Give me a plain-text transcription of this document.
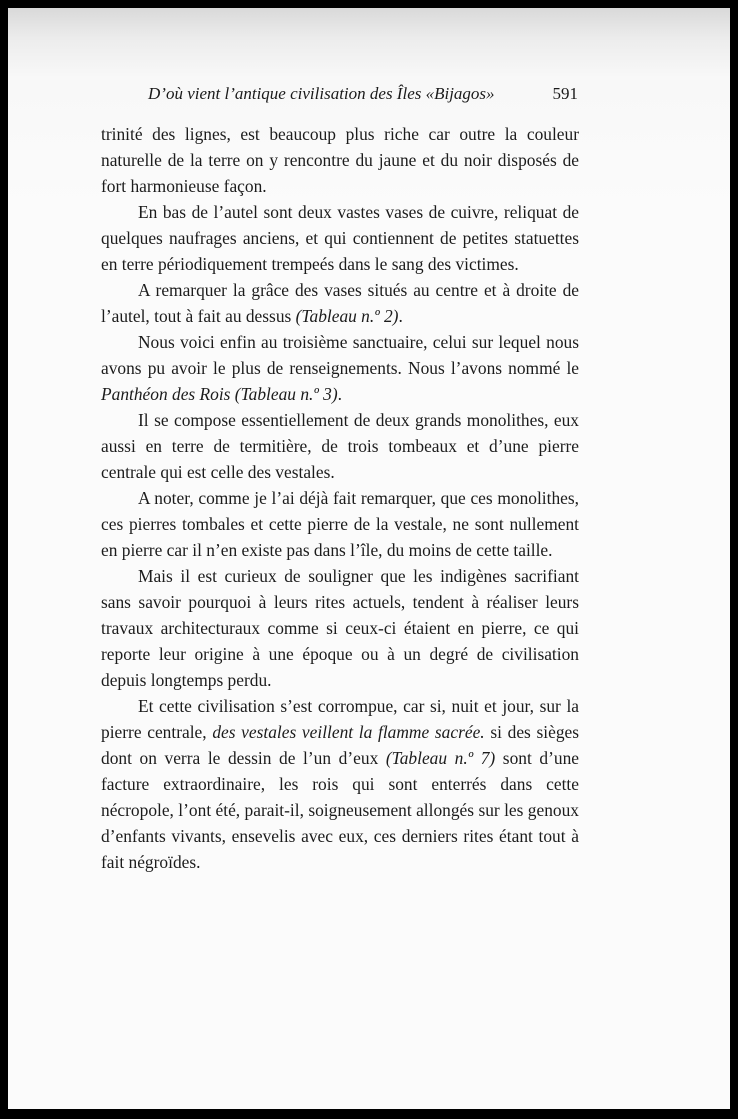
D’où vient l’antique civilisation des Îles «Bijagos»	591

trinité des lignes, est beaucoup plus riche car outre la couleur naturelle de la terre on y rencontre du jaune et du noir disposés de fort harmonieuse façon.

En bas de l’autel sont deux vastes vases de cuivre, reliquat de quelques naufrages anciens, et qui contiennent de petites statuettes en terre périodiquement trempeés dans le sang des victimes.

A remarquer la grâce des vases situés au centre et à droite de l’autel, tout à fait au dessus (Tableau n.º 2).

Nous voici enfin au troisième sanctuaire, celui sur lequel nous avons pu avoir le plus de renseignements. Nous l’avons nommé le Panthéon des Rois (Tableau n.º 3).

Il se compose essentiellement de deux grands monolithes, eux aussi en terre de termitière, de trois tombeaux et d’une pierre centrale qui est celle des vestales.

A noter, comme je l’ai déjà fait remarquer, que ces monolithes, ces pierres tombales et cette pierre de la vestale, ne sont nullement en pierre car il n’en existe pas dans l’île, du moins de cette taille.

Mais il est curieux de souligner que les indigènes sacrifiant sans savoir pourquoi à leurs rites actuels, tendent à réaliser leurs travaux architecturaux comme si ceux-ci étaient en pierre, ce qui reporte leur origine à une époque ou à un degré de civilisation depuis longtemps perdu.

Et cette civilisation s’est corrompue, car si, nuit et jour, sur la pierre centrale, des vestales veillent la flamme sacrée. si des sièges dont on verra le dessin de l’un d’eux (Tableau n.º 7) sont d’une facture extraordinaire, les rois qui sont enterrés dans cette nécropole, l’ont été, parait-il, soigneusement allongés sur les genoux d’enfants vivants, ensevelis avec eux, ces derniers rites étant tout à fait négroïdes.
